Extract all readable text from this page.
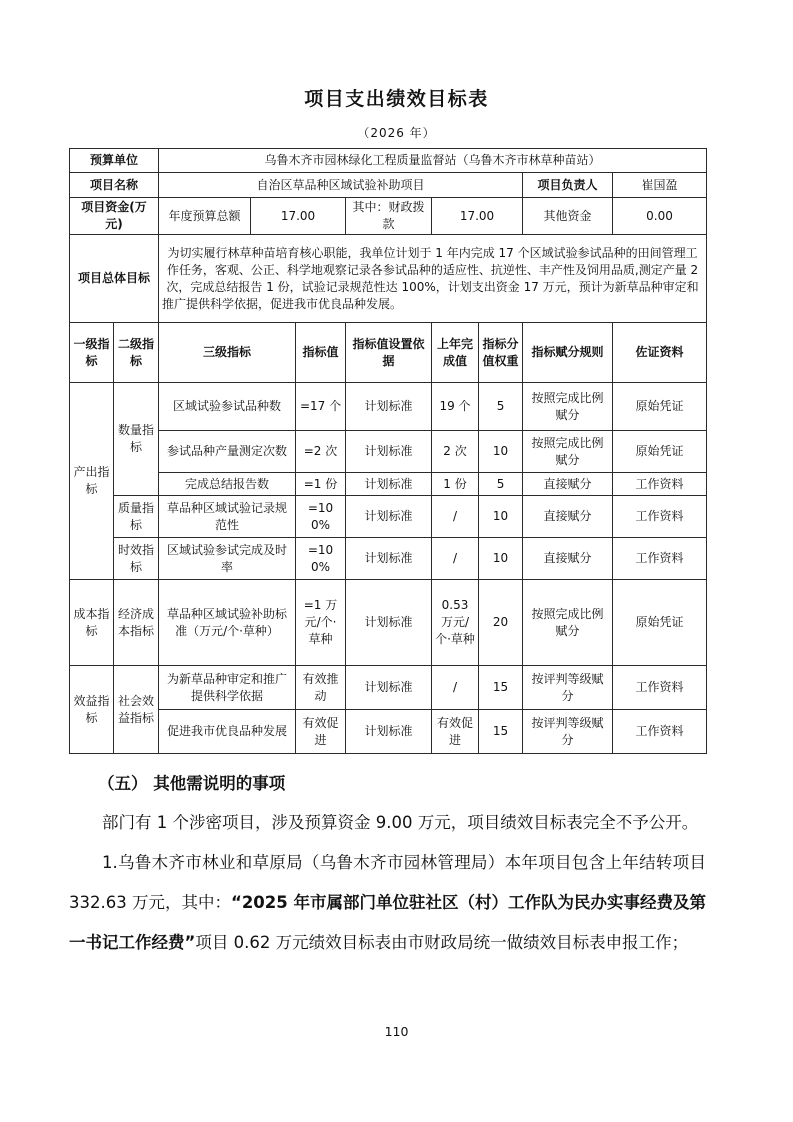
项目支出绩效目标表
（2026 年）
预算单位		乌鲁木齐市园林绿化工程质量监督站（乌鲁木齐市林草种苗站）							
项目名称		自治区草品种区域试验补助项目						项目负责人	崔国盈
项目资金(万元)		年度预算总额	17.00		其中：财政拨款	17.00		其他资金	0.00
项目总体目标		为切实履行林草种苗培育核心职能，我单位计划于 1 年内完成 17 个区域试验参试品种的田间管理工作任务，客观、公正、科学地观察记录各参试品种的适应性、抗逆性、丰产性及饲用品质,测定产量 2 次，完成总结报告 1 份，试验记录规范性达 100%，计划支出资金 17 万元，预计为新草品种审定和推广提供科学依据，促进我市优良品种发展。							
一级指标	二级指标	三级指标		指标值	指标值设置依据	上年完成值	指标分值权重	指标赋分规则	佐证资料
产出指标	数量指标	区域试验参试品种数		=17 个	计划标准	19 个	5	按照完成比例赋分	原始凭证
		参试品种产量测定次数		=2 次	计划标准	2 次	10	按照完成比例赋分	原始凭证
		完成总结报告数		=1 份	计划标准	1 份	5	直接赋分	工作资料
	质量指标	草品种区域试验记录规范性		=100%	计划标准	/	10	直接赋分	工作资料
	时效指标	区域试验参试完成及时率		=100%	计划标准	/	10	直接赋分	工作资料
成本指标	经济成本指标	草品种区域试验补助标准（万元/个·草种）		=1 万元/个·草种	计划标准	0.53 万元/个·草种	20	按照完成比例赋分	原始凭证
效益指标	社会效益指标	为新草品种审定和推广提供科学依据		有效推动	计划标准	/	15	按评判等级赋分	工作资料
		促进我市优良品种发展		有效促进	计划标准	有效促进	15	按评判等级赋分	工作资料
（五） 其他需说明的事项

部门有 1 个涉密项目，涉及预算资金 9.00 万元，项目绩效目标表完全不予公开。

1.乌鲁木齐市林业和草原局（乌鲁木齐市园林管理局）本年项目包含上年结转项目 332.63 万元，其中：“2025 年市属部门单位驻社区（村）工作队为民办实事经费及第一书记工作经费”项目 0.62 万元绩效目标表由市财政局统一做绩效目标表申报工作；

110
